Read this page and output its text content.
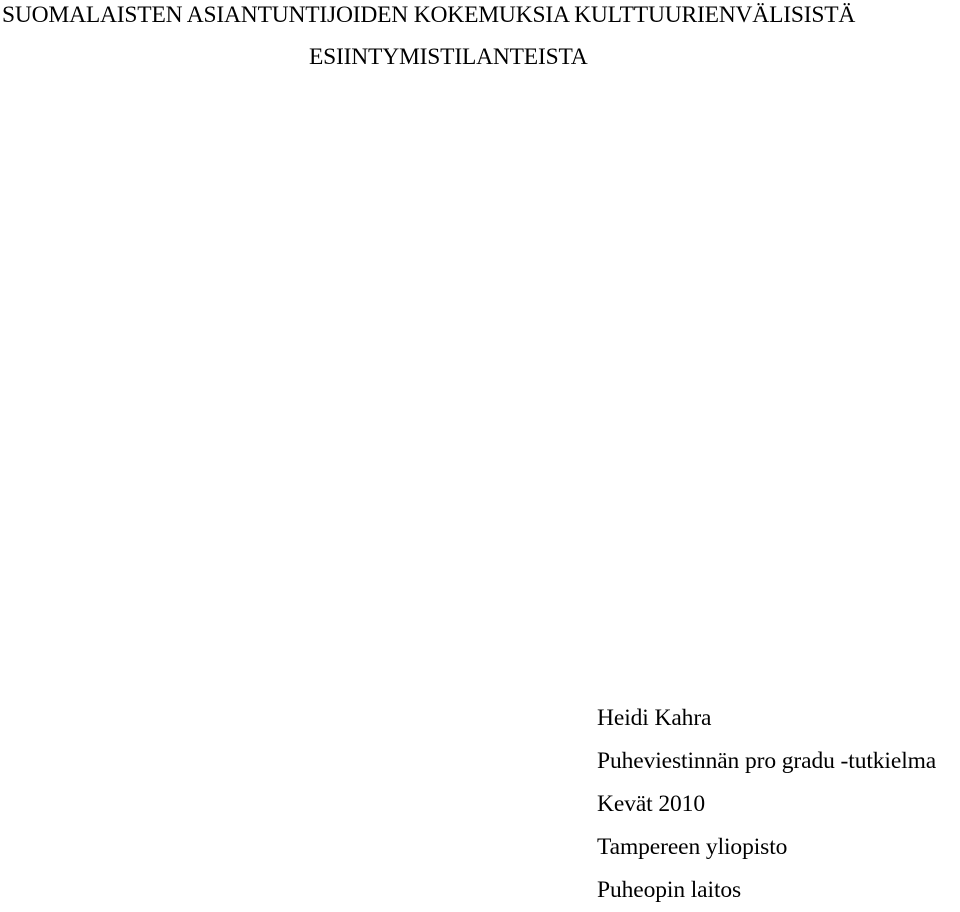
SUOMALAISTEN ASIANTUNTIJOIDEN KOKEMUKSIA KULTTUURIENVÄLISISTÄ
ESIINTYMISTILANTEISTA
Heidi Kahra
Puheviestinnän pro gradu -tutkielma
Kevät 2010
Tampereen yliopisto
Puheopin laitos
